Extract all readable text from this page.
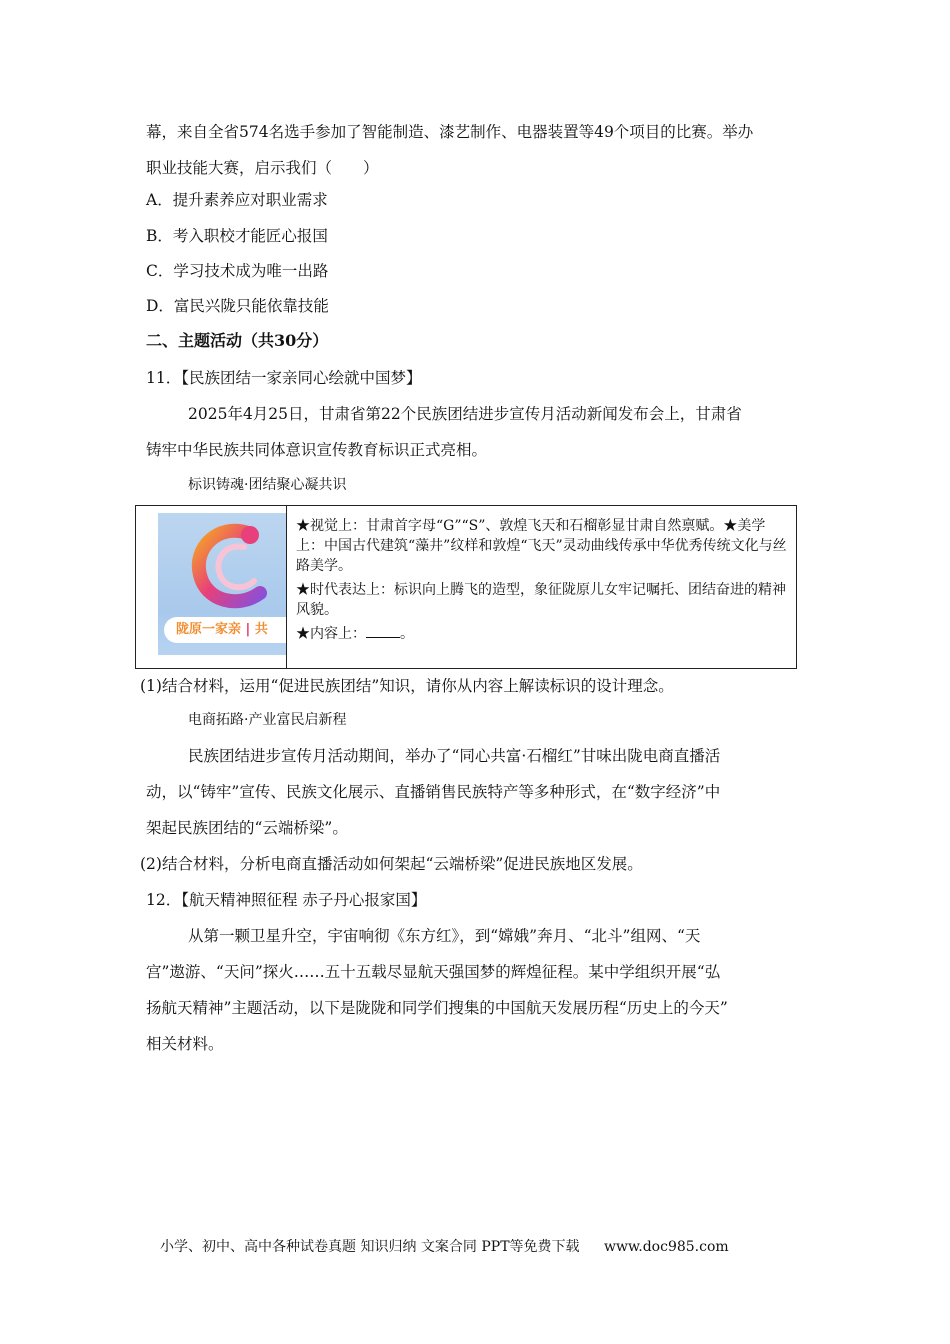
幕，来自全省574名选手参加了智能制造、漆艺制作、电器装置等49个项目的比赛。举办
职业技能大赛，启示我们（　　）
A．提升素养应对职业需求
B．考入职校才能匠心报国
C．学习技术成为唯一出路
D．富民兴陇只能依靠技能
二、主题活动（共30分）
11．【民族团结一家亲同心绘就中国梦】
2025年4月25日，甘肃省第22个民族团结进步宣传月活动新闻发布会上，甘肃省
铸牢中华民族共同体意识宣传教育标识正式亮相。
标识铸魂·团结聚心凝共识
陇原一家亲 | 共

★视觉上：甘肃首字母“G”“S”、敦煌飞天和石榴彰显甘肃自然禀赋。★美学上：中国古代建筑“藻井”纹样和敦煌“飞天”灵动曲线传承中华优秀传统文化与丝路美学。

★时代表达上：标识向上腾飞的造型，象征陇原儿女牢记嘱托、团结奋进的精神风貌。

★内容上： 。

(1)结合材料，运用“促进民族团结”知识，请你从内容上解读标识的设计理念。
电商拓路·产业富民启新程
民族团结进步宣传月活动期间，举办了“同心共富·石榴红”甘味出陇电商直播活
动，以“铸牢”宣传、民族文化展示、直播销售民族特产等多种形式，在“数字经济”中
架起民族团结的“云端桥梁”。
(2)结合材料，分析电商直播活动如何架起“云端桥梁”促进民族地区发展。
12．【航天精神照征程 赤子丹心报家国】
从第一颗卫星升空，宇宙响彻《东方红》，到“嫦娥”奔月、“北斗”组网、“天
宫”遨游、“天问”探火……五十五载尽显航天强国梦的辉煌征程。某中学组织开展“弘
扬航天精神”主题活动，以下是陇陇和同学们搜集的中国航天发展历程“历史上的今天”
相关材料。
小学、初中、高中各种试卷真题 知识归纳 文案合同 PPT等免费下载 www.doc985.com
